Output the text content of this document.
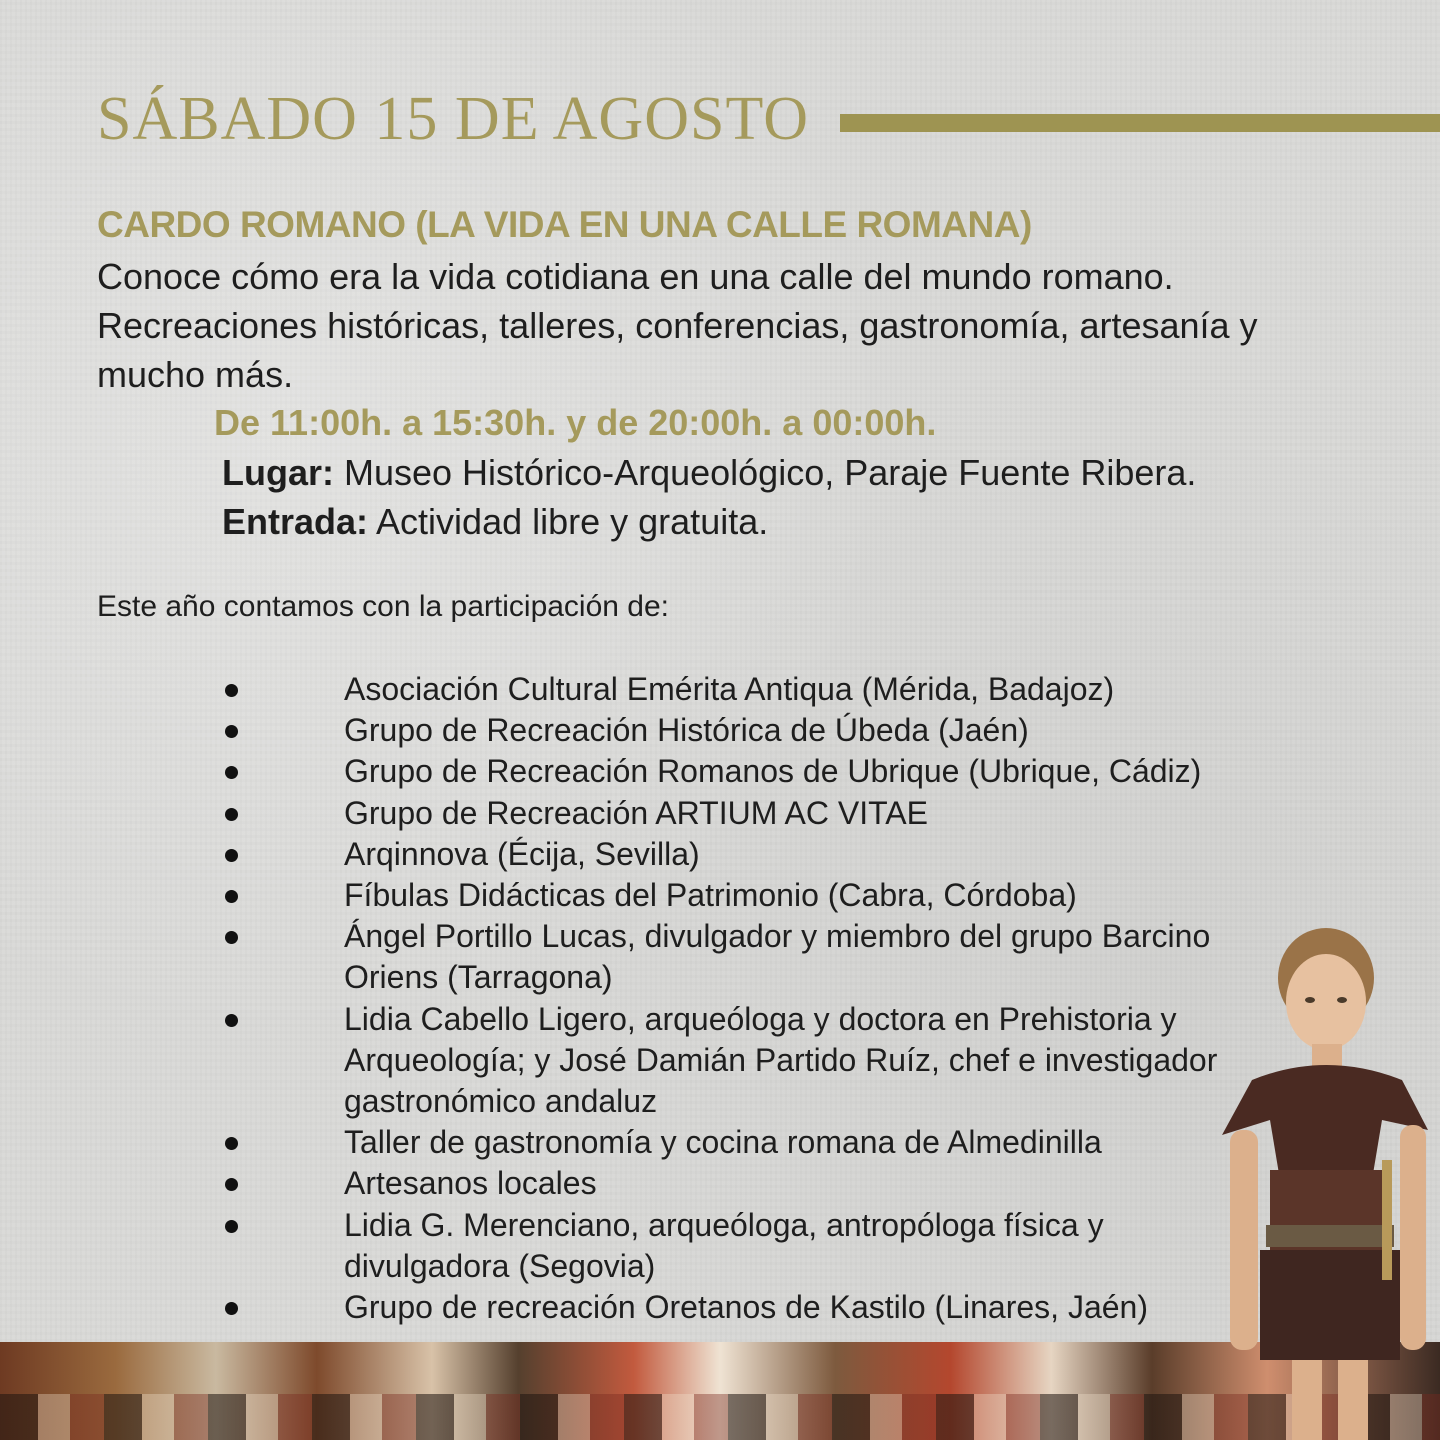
SÁBADO 15 DE AGOSTO
CARDO ROMANO (LA VIDA EN UNA CALLE ROMANA)

Conoce cómo era la vida cotidiana en una calle del mundo romano. Recreaciones históricas, talleres, conferencias, gastronomía, artesanía y mucho más.

De 11:00h. a 15:30h. y de 20:00h. a 00:00h.

Lugar: Museo Histórico-Arqueológico, Paraje Fuente Ribera.

Entrada: Actividad libre y gratuita.

Este año contamos con la participación de:

Asociación Cultural Emérita Antiqua (Mérida, Badajoz)
Grupo de Recreación Histórica de Úbeda (Jaén)
Grupo de Recreación Romanos de Ubrique (Ubrique, Cádiz)
Grupo de Recreación ARTIUM AC VITAE
Arqinnova (Écija, Sevilla)
Fíbulas Didácticas del Patrimonio (Cabra, Córdoba)
Ángel Portillo Lucas, divulgador y miembro del grupo Barcino Oriens (Tarragona)
Lidia Cabello Ligero, arqueóloga y doctora en Prehistoria y Arqueología; y José Damián Partido Ruíz, chef e investigador gastronómico andaluz
Taller de gastronomía y cocina romana de Almedinilla
Artesanos locales
Lidia G. Merenciano, arqueóloga, antropóloga física y divulgadora (Segovia)
Grupo de recreación Oretanos de Kastilo (Linares, Jaén)
